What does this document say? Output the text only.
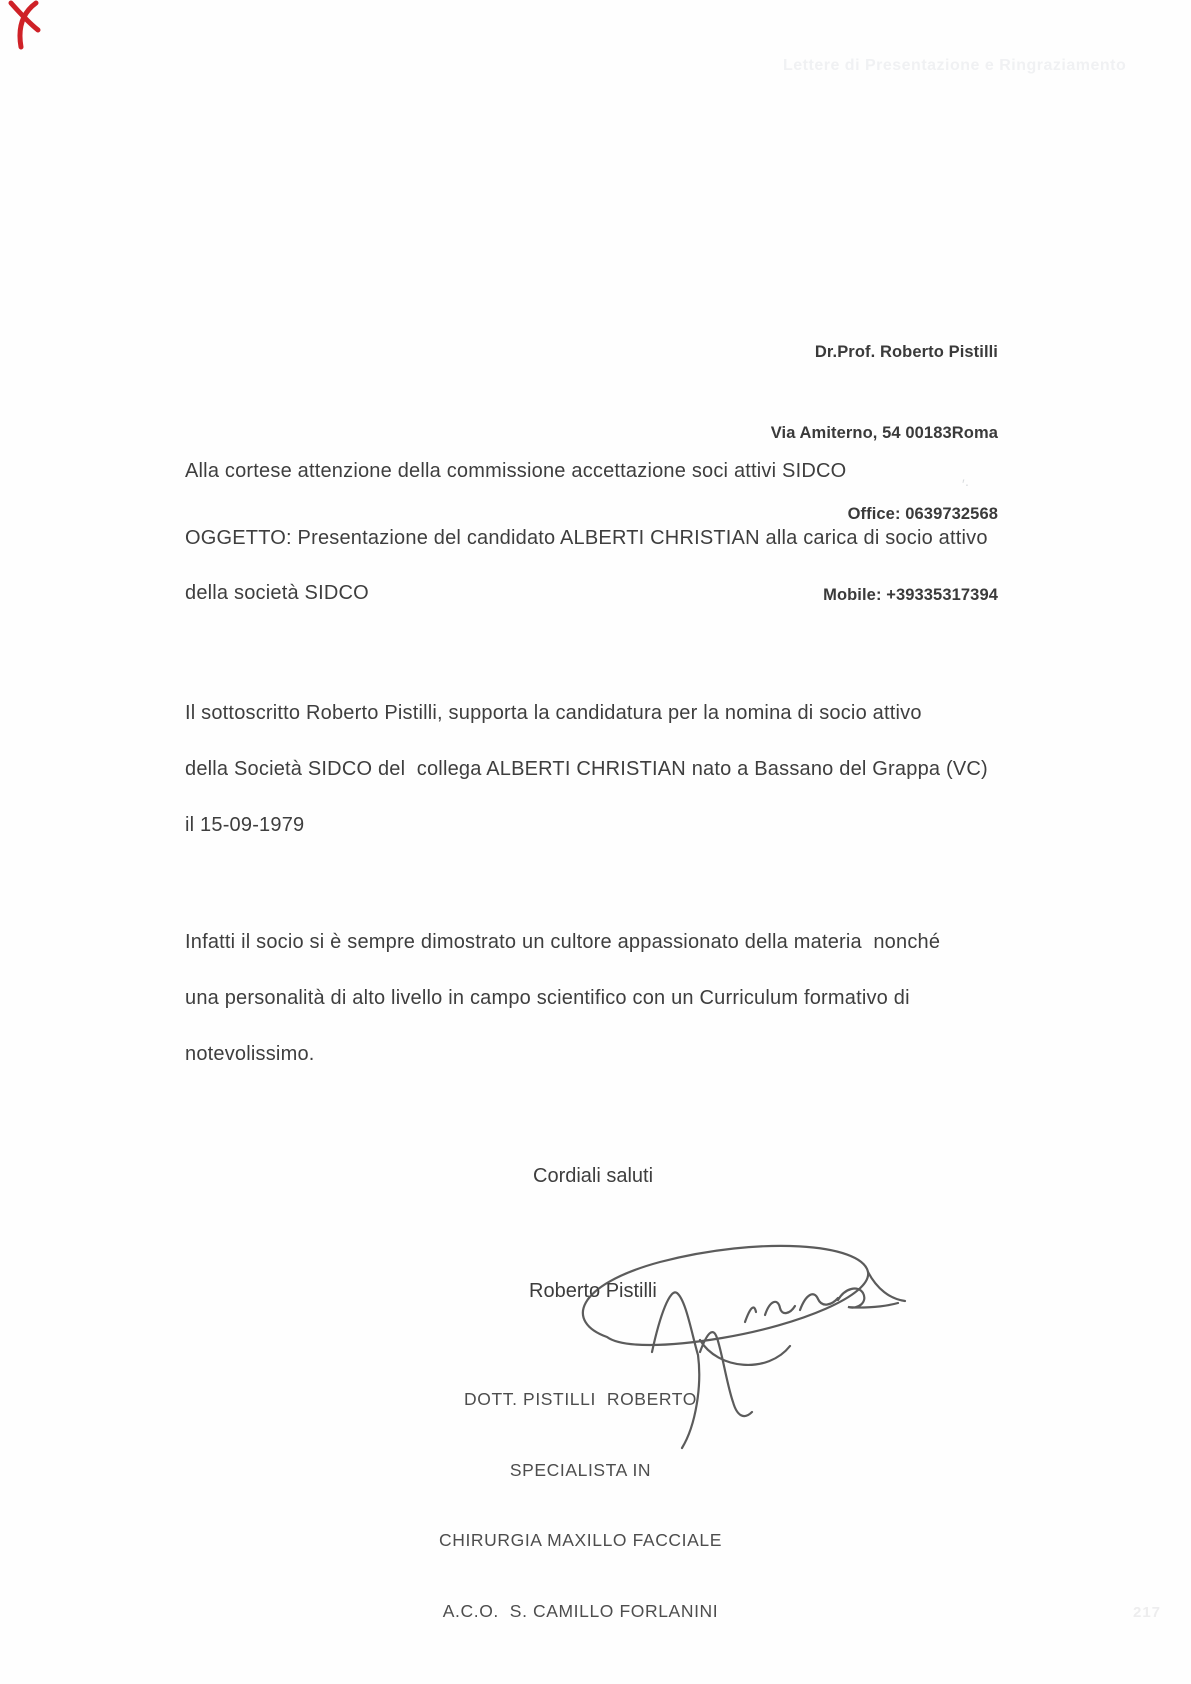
Lettere di Presentazione e Ringraziamento

Dr.Prof. Roberto Pistilli

Via Amiterno, 54 00183Roma

Office: 0639732568

Mobile: +39335317394

Alla cortese attenzione della commissione accettazione soci attivi SIDCO
OGGETTO: Presentazione del candidato ALBERTI CHRISTIAN alla carica di socio attivo
della società SIDCO
Il sottoscritto Roberto Pistilli, supporta la candidatura per la nomina di socio attivo
della Società SIDCO del  collega ALBERTI CHRISTIAN nato a Bassano del Grappa (VC)
il 15-09-1979
Infatti il socio si è sempre dimostrato un cultore appassionato della materia  nonché
una personalità di alto livello in campo scientifico con un Curriculum formativo di
notevolissimo.
Cordiali saluti
Roberto Pistilli

DOTT. PISTILLI  ROBERTO

SPECIALISTA IN

CHIRURGIA MAXILLO FACCIALE

A.C.O.  S. CAMILLO FORLANINI

′·
217
